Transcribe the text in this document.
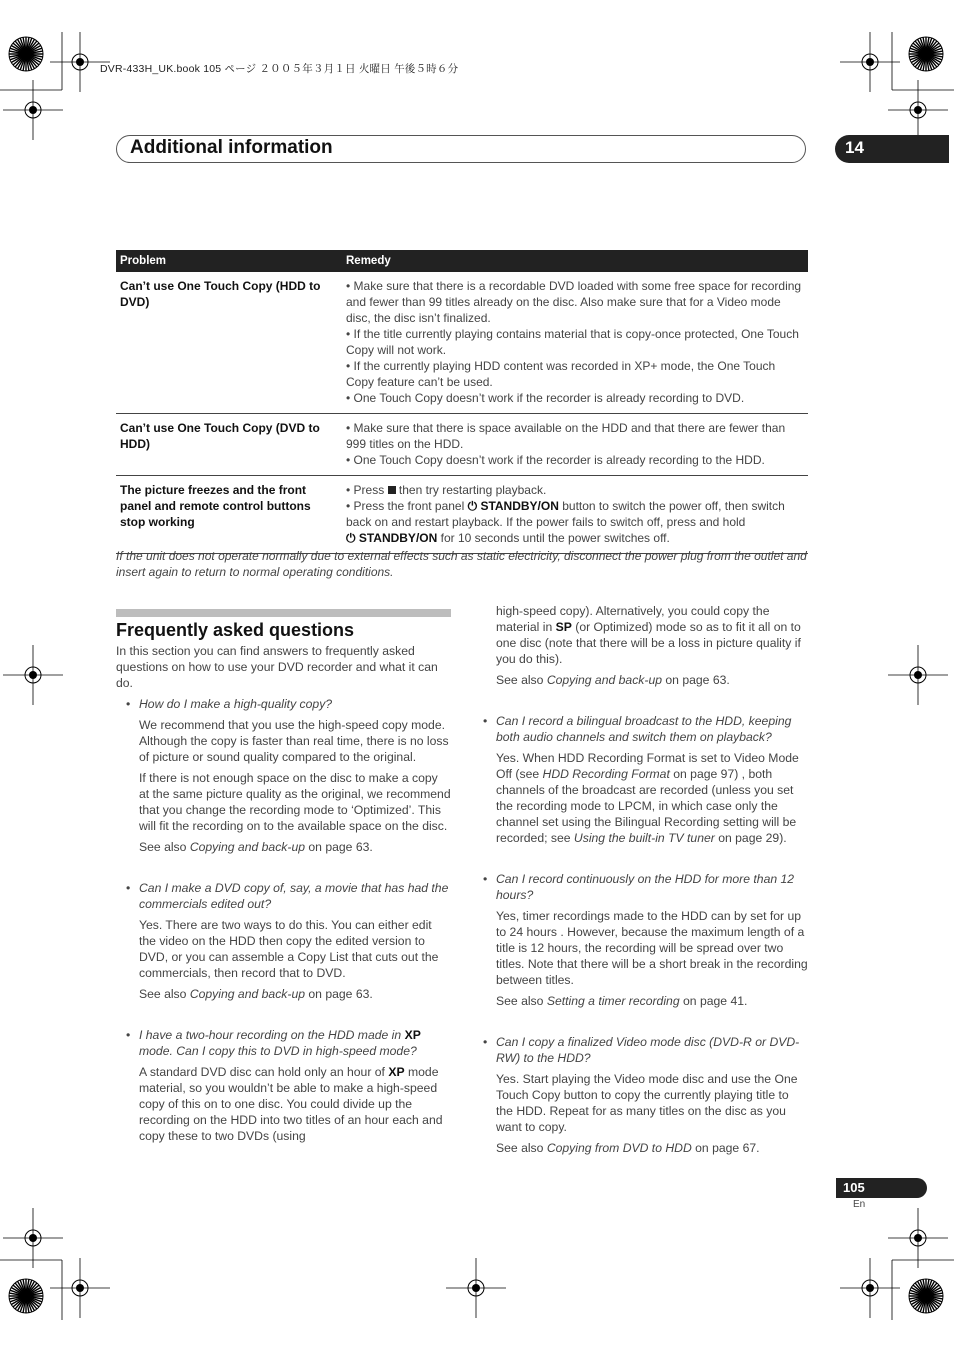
DVR-433H_UK.book 105 ページ ２００５年３月１日 火曜日 午後５時６分
Additional information	14
Problem	Remedy
Can’t use One Touch Copy (HDD to DVD)	• Make sure that there is a recordable DVD loaded with some free space for recording and fewer than 99 titles already on the disc. Also make sure that for a Video mode disc, the disc isn’t finalized.
• If the title currently playing contains material that is copy-once protected, One Touch Copy will not work.
• If the currently playing HDD content was recorded in XP+ mode, the One Touch Copy feature can’t be used.
• One Touch Copy doesn’t work if the recorder is already recording to DVD.

Can’t use One Touch Copy (DVD to HDD)	• Make sure that there is space available on the HDD and that there are fewer than 999 titles on the HDD.
• One Touch Copy doesn’t work if the recorder is already recording to the HDD.

The picture freezes and the front panel and remote control buttons stop working	• Press  then try restarting playback.
• Press the front panel ⏻ STANDBY/ON button to switch the power off, then switch back on and restart playback. If the power fails to switch off, press and hold
⏻ STANDBY/ON for 10 seconds until the power switches off.
If the unit does not operate normally due to external effects such as static electricity, disconnect the power plug from the outlet and insert again to return to normal operating conditions.
Frequently asked questions

In this section you can find answers to frequently asked questions on how to use your DVD recorder and what it can do.

• How do I make a high-quality copy?

We recommend that you use the high-speed copy mode. Although the copy is faster than real time, there is no loss of picture or sound quality compared to the original.

If there is not enough space on the disc to make a copy at the same picture quality as the original, we recommend that you change the recording mode to ‘Optimized’. This will fit the recording on to the available space on the disc.

See also Copying and back-up on page 63.

• Can I make a DVD copy of, say, a movie that has had the commercials edited out?

Yes. There are two ways to do this. You can either edit the video on the HDD then copy the edited version to DVD, or you can assemble a Copy List that cuts out the commercials, then record that to DVD.

See also Copying and back-up on page 63.

• I have a two-hour recording on the HDD made in XP mode. Can I copy this to DVD in high-speed mode?

A standard DVD disc can hold only an hour of XP mode material, so you wouldn’t be able to make a high-speed copy of this on to one disc. You could divide up the recording on the HDD into two titles of an hour each and copy these to two DVDs (using

high-speed copy). Alternatively, you could copy the material in SP (or Optimized) mode so as to fit it all on to one disc (note that there will be a loss in picture quality if you do this).

See also Copying and back-up on page 63.

• Can I record a bilingual broadcast to the HDD, keeping both audio channels and switch them on playback?

Yes. When HDD Recording Format is set to Video Mode Off (see HDD Recording Format on page 97) , both channels of the broadcast are recorded (unless you set the recording mode to LPCM, in which case only the channel set using the Bilingual Recording setting will be recorded; see Using the built-in TV tuner on page 29).

• Can I record continuously on the HDD for more than 12 hours?

Yes, timer recordings made to the HDD can by set for up to 24 hours . However, because the maximum length of a title is 12 hours, the recording will be spread over two titles. Note that there will be a short break in the recording between titles.

See also Setting a timer recording on page 41.

• Can I copy a finalized Video mode disc (DVD-R or DVD-RW) to the HDD?

Yes. Start playing the Video mode disc and use the One Touch Copy button to copy the currently playing title to the HDD. Repeat for as many titles on the disc as you want to copy.

See also Copying from DVD to HDD on page 67.

105
En
